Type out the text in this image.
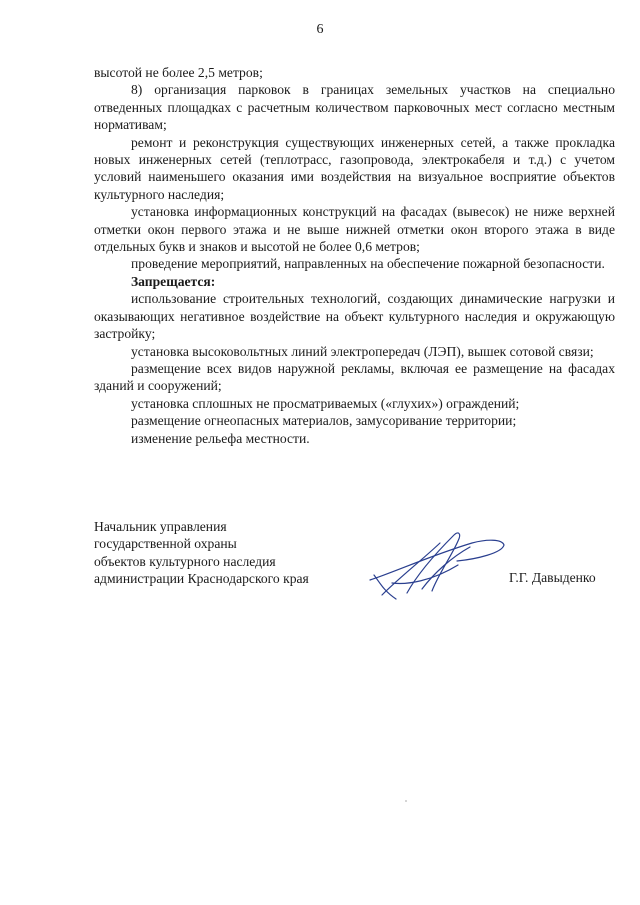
6

высотой не более 2,5 метров;

8) организация парковок в границах земельных участков на специально отведенных площадках с расчетным количеством парковочных мест согласно местным нормативам;

ремонт и реконструкция существующих инженерных сетей, а также прокладка новых инженерных сетей (теплотрасс, газопровода, электрокабеля и т.д.) с учетом условий наименьшего оказания ими воздействия на визуальное восприятие объектов культурного наследия;

установка информационных конструкций на фасадах (вывесок) не ниже верхней отметки окон первого этажа и не выше нижней отметки окон второго этажа в виде отдельных букв и знаков и высотой не более 0,6 метров;

проведение мероприятий, направленных на обеспечение пожарной безопасности.

Запрещается:

использование строительных технологий, создающих динамические нагрузки и оказывающих негативное воздействие на объект культурного наследия и окружающую застройку;

установка высоковольтных линий электропередач (ЛЭП), вышек сотовой связи;

размещение всех видов наружной рекламы, включая ее размещение на фасадах зданий и сооружений;

установка сплошных не просматриваемых («глухих») ограждений;

размещение огнеопасных материалов, замусоривание территории;

изменение рельефа местности.

Начальник управления
государственной охраны
объектов культурного наследия
администрации Краснодарского края	Г.Г. Давыденко
